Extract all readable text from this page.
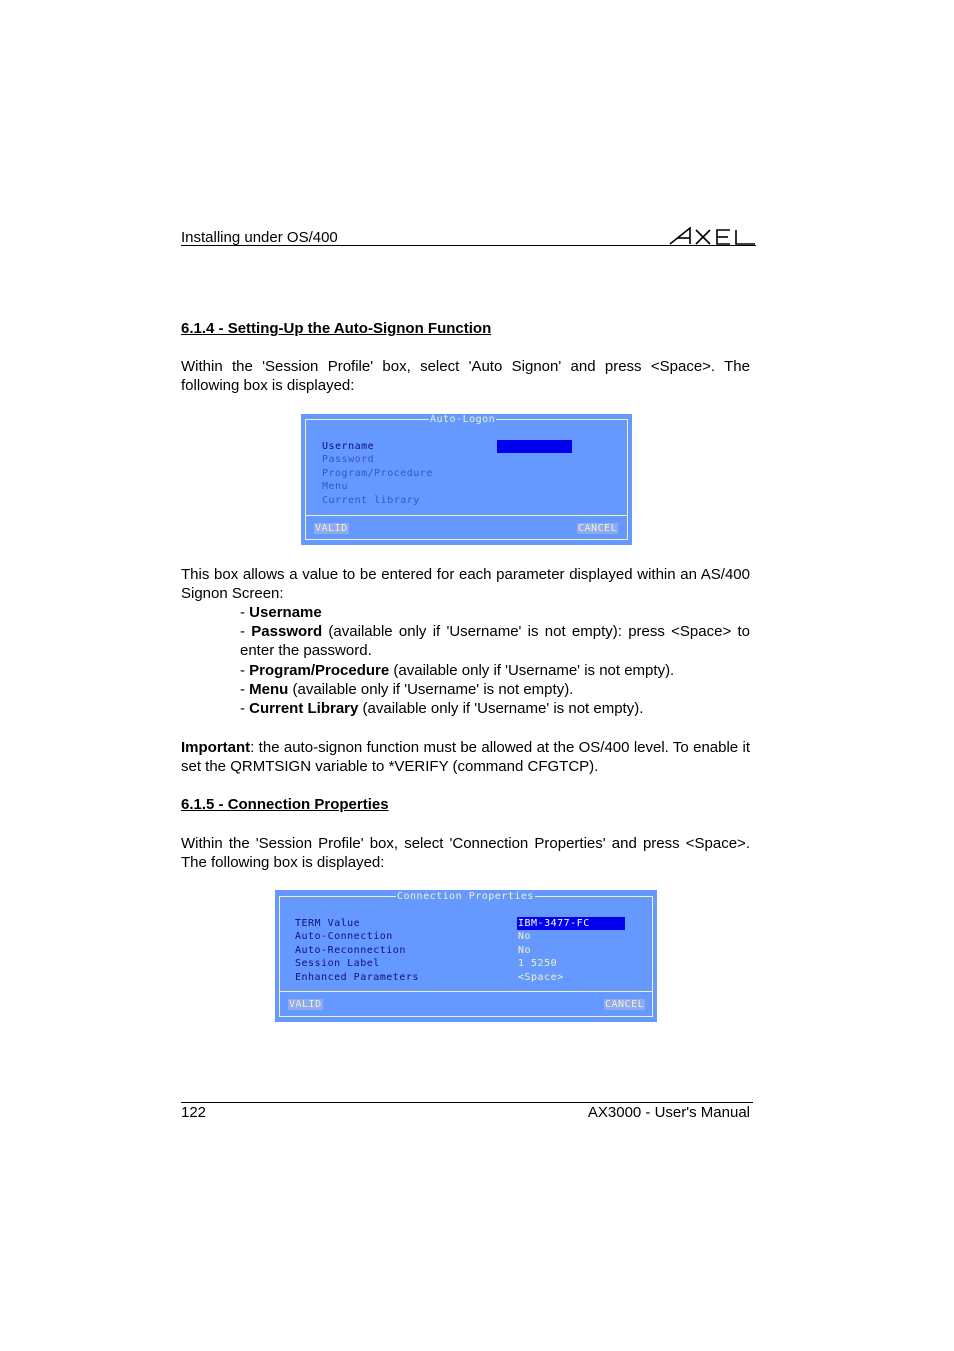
Installing under OS/400
6.1.4 - Setting-Up the Auto-Signon Function
Within the 'Session Profile' box, select 'Auto Signon' and press <Space>. The following box is displayed:
Auto-Logon
Username
Password
Program/Procedure
Menu
Current library
VALID	CANCEL
This box allows a value to be entered for each parameter displayed within an AS/400 Signon Screen:
- Username
- Password (available only if 'Username' is not empty): press <Space> to enter the password.
- Program/Procedure (available only if 'Username' is not empty).
- Menu (available only if 'Username' is not empty).
- Current Library (available only if 'Username' is not empty).
Important: the auto-signon function must be allowed at the OS/400 level. To enable it set the QRMTSIGN variable to *VERIFY (command CFGTCP).
6.1.5 - Connection Properties
Within the 'Session Profile' box, select 'Connection Properties' and press <Space>. The following box is displayed:
Connection Properties
TERM Value	IBM-3477-FC
Auto-Connection	No
Auto-Reconnection	No
Session Label	1 5250
Enhanced Parameters	<Space>
VALID	CANCEL
122	AX3000 - User's Manual
